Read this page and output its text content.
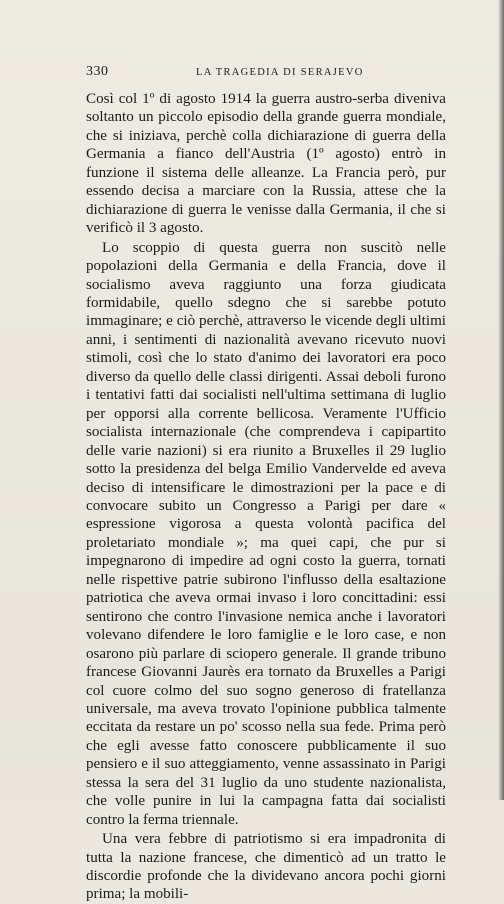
330	LA TRAGEDIA DI SERAJEVO

Così col 1º di agosto 1914 la guerra austro-serba diveniva soltanto un piccolo episodio della grande guerra mondiale, che si iniziava, perchè colla dichiarazione di guerra della Germania a fianco dell'Austria (1º agosto) entrò in funzione il sistema delle alleanze. La Francia però, pur essendo decisa a marciare con la Russia, attese che la dichiarazione di guerra le venisse dalla Germania, il che si verificò il 3 agosto.

Lo scoppio di questa guerra non suscitò nelle popolazioni della Germania e della Francia, dove il socialismo aveva raggiunto una forza giudicata formidabile, quello sdegno che si sarebbe potuto immaginare; e ciò perchè, attraverso le vicende degli ultimi anni, i sentimenti di nazionalità avevano ricevuto nuovi stimoli, così che lo stato d'animo dei lavoratori era poco diverso da quello delle classi dirigenti. Assai deboli furono i tentativi fatti dai socialisti nell'ultima settimana di luglio per opporsi alla corrente bellicosa. Veramente l'Ufficio socialista internazionale (che comprendeva i capipartito delle varie nazioni) si era riunito a Bruxelles il 29 luglio sotto la presidenza del belga Emilio Vandervelde ed aveva deciso di intensificare le dimostrazioni per la pace e di convocare subito un Congresso a Parigi per dare « espressione vigorosa a questa volontà pacifica del proletariato mondiale »; ma quei capi, che pur si impegnarono di impedire ad ogni costo la guerra, tornati nelle rispettive patrie subirono l'influsso della esaltazione patriotica che aveva ormai invaso i loro concittadini: essi sentirono che contro l'invasione nemica anche i lavoratori volevano difendere le loro famiglie e le loro case, e non osarono più parlare di sciopero generale. Il grande tribuno francese Giovanni Jaurès era tornato da Bruxelles a Parigi col cuore colmo del suo sogno generoso di fratellanza universale, ma aveva trovato l'opinione pubblica talmente eccitata da restare un po' scosso nella sua fede. Prima però che egli avesse fatto conoscere pubblicamente il suo pensiero e il suo atteggiamento, venne assassinato in Parigi stessa la sera del 31 luglio da uno studente nazionalista, che volle punire in lui la campagna fatta dai socialisti contro la ferma triennale.

Una vera febbre di patriotismo si era impadronita di tutta la nazione francese, che dimenticò ad un tratto le discordie profonde che la dividevano ancora pochi giorni prima; la mobili-
